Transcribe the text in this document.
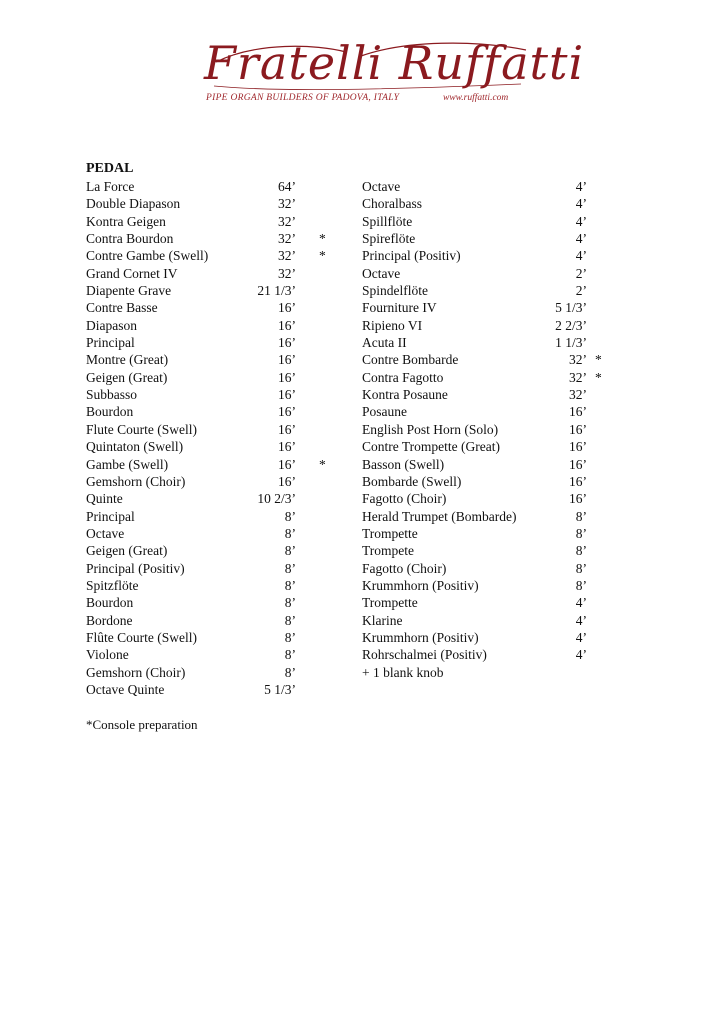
Fratelli Ruffatti
PIPE ORGAN BUILDERS OF PADOVA, ITALY	www.ruffatti.com
PEDAL
La Force	64’
Double Diapason	32’
Kontra Geigen	32’
Contra Bourdon	32’ *
Contre Gambe (Swell)	32’ *
Grand Cornet IV	32’
Diapente Grave	21 1/3’
Contre Basse	16’
Diapason	16’
Principal	16’
Montre (Great)	16’
Geigen (Great)	16’
Subbasso	16’
Bourdon	16’
Flute Courte (Swell)	16’
Quintaton (Swell)	16’
Gambe (Swell)	16’ *
Gemshorn (Choir)	16’
Quinte	10 2/3’
Principal	8’
Octave	8’
Geigen (Great)	8’
Principal (Positiv)	8’
Spitzflöte	8’
Bourdon	8’
Bordone	8’
Flûte Courte (Swell)	8’
Violone	8’
Gemshorn (Choir)	8’
Octave Quinte	5 1/3’
Octave	4’
Choralbass	4’
Spillflöte	4’
Spireflöte	4’
Principal (Positiv)	4’
Octave	2’
Spindelflöte	2’
Fourniture IV	5 1/3’
Ripieno VI	2 2/3’
Acuta II	1 1/3’
Contre Bombarde	32’ *
Contra Fagotto	32’ *
Kontra Posaune	32’
Posaune	16’
English Post Horn (Solo)	16’
Contre Trompette (Great)	16’
Basson (Swell)	16’
Bombarde (Swell)	16’
Fagotto (Choir)	16’
Herald Trumpet (Bombarde)	8’
Trompette	8’
Trompete	8’
Fagotto (Choir)	8’
Krummhorn (Positiv)	8’
Trompette	4’
Klarine	4’
Krummhorn (Positiv)	4’
Rohrschalmei (Positiv)	4’
+ 1 blank knob
*Console preparation
